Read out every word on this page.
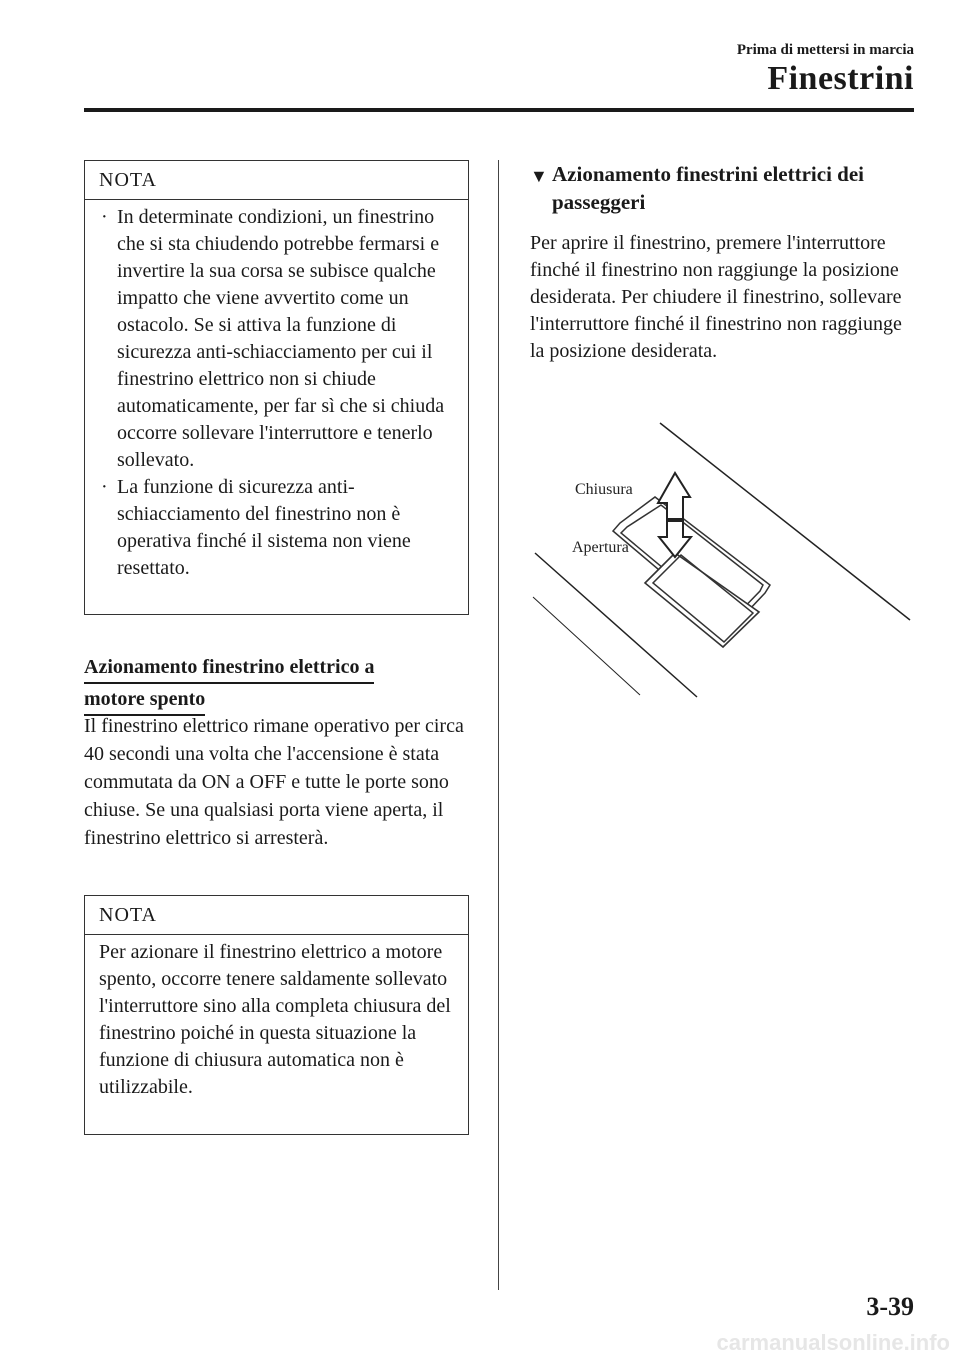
Prima di mettersi in marcia
Finestrini
NOTA

· In determinate condizioni, un finestrino che si sta chiudendo potrebbe fermarsi e invertire la sua corsa se subisce qualche impatto che viene avvertito come un ostacolo. Se si attiva la funzione di sicurezza anti-schiacciamento per cui il finestrino elettrico non si chiude automaticamente, per far sì che si chiuda occorre sollevare l'interruttore e tenerlo sollevato.

· La funzione di sicurezza anti-schiacciamento del finestrino non è operativa finché il sistema non viene resettato.

Azionamento finestrino elettrico a
motore spento

Il finestrino elettrico rimane operativo per circa 40 secondi una volta che l'accensione è stata commutata da ON a OFF e tutte le porte sono chiuse. Se una qualsiasi porta viene aperta, il finestrino elettrico si arresterà.

NOTA

Per azionare il finestrino elettrico a motore spento, occorre tenere saldamente sollevato l'interruttore sino alla completa chiusura del finestrino poiché in questa situazione la funzione di chiusura automatica non è utilizzabile.

▼ Azionamento finestrini elettrici dei passeggeri

Per aprire il finestrino, premere l'interruttore finché il finestrino non raggiunge la posizione desiderata. Per chiudere il finestrino, sollevare l'interruttore finché il finestrino non raggiunge la posizione desiderata.

Chiusura
Apertura
3-39
carmanualsonline.info
